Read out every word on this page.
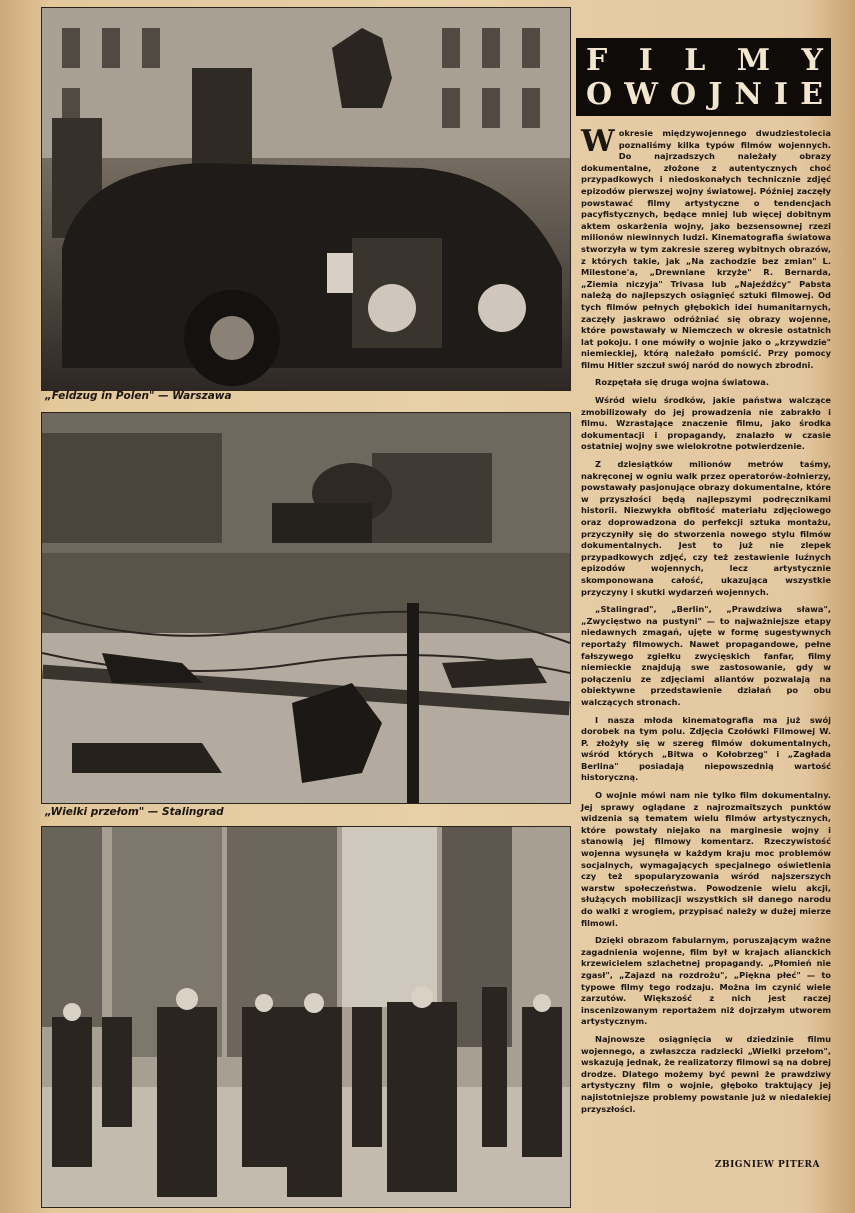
„Feldzug in Polen" — Warszawa
„Wielki przełom" — Stalingrad
F I L M Y
O W O J N I E

Wokresie międzywojennego dwudziestolecia poznaliśmy kilka typów filmów wojennych. Do najrzadszych należały obrazy dokumentalne, złożone z autentycznych choć przypadkowych i niedoskonałych technicznie zdjęć epizodów pierwszej wojny światowej. Później zaczęły powstawać filmy artystyczne o tendencjach pacyfistycznych, będące mniej lub więcej dobitnym aktem oskarżenia wojny, jako bezsensownej rzezi milionów niewinnych ludzi. Kinematografia światowa stworzyła w tym zakresie szereg wybitnych obrazów, z których takie, jak „Na zachodzie bez zmian" L. Milestone'a, „Drewniane krzyże" R. Bernarda, „Ziemia niczyja" Trivasa lub „Najeźdźcy" Pabsta należą do najlepszych osiągnięć sztuki filmowej. Od tych filmów pełnych głębokich idei humanitarnych, zaczęły jaskrawo odróżniać się obrazy wojenne, które powstawały w Niemczech w okresie ostatnich lat pokoju. I one mówiły o wojnie jako o „krzywdzie" niemieckiej, którą należało pomścić. Przy pomocy filmu Hitler szczuł swój naród do nowych zbrodni.

Rozpętała się druga wojna światowa.

Wśród wielu środków, jakie państwa walczące zmobilizowały do jej prowadzenia nie zabrakło i filmu. Wzrastające znaczenie filmu, jako środka dokumentacji i propagandy, znalazło w czasie ostatniej wojny swe wielokrotne potwierdzenie.

Z dziesiątków milionów metrów taśmy, nakręconej w ogniu walk przez operatorów-żołnierzy, powstawały pasjonujące obrazy dokumentalne, które w przyszłości będą najlepszymi podręcznikami historii. Niezwykła obfitość materiału zdjęciowego oraz doprowadzona do perfekcji sztuka montażu, przyczyniły się do stworzenia nowego stylu filmów dokumentalnych. Jest to już nie zlepek przypadkowych zdjęć, czy też zestawienie luźnych epizodów wojennych, lecz artystycznie skomponowana całość, ukazująca wszystkie przyczyny i skutki wydarzeń wojennych.

„Stalingrad", „Berlin", „Prawdziwa sława", „Zwycięstwo na pustyni" — to najważniejsze etapy niedawnych zmagań, ujęte w formę sugestywnych reportaży filmowych. Nawet propagandowe, pełne fałszywego zgiełku zwycięskich fanfar, filmy niemieckie znajdują swe zastosowanie, gdy w połączeniu ze zdjęciami aliantów pozwalają na obiektywne przedstawienie działań po obu walczących stronach.

I nasza młoda kinematografia ma już swój dorobek na tym polu. Zdjęcia Czołówki Filmowej W. P. złożyły się w szereg filmów dokumentalnych, wśród których „Bitwa o Kołobrzeg" i „Zagłada Berlina" posiadają niepowszednią wartość historyczną.

O wojnie mówi nam nie tylko film dokumentalny. Jej sprawy oglądane z najrozmaitszych punktów widzenia są tematem wielu filmów artystycznych, które powstały niejako na marginesie wojny i stanowią jej filmowy komentarz. Rzeczywistość wojenna wysunęła w każdym kraju moc problemów socjalnych, wymagających specjalnego oświetlenia czy też spopularyzowania wśród najszerszych warstw społeczeństwa. Powodzenie wielu akcji, służących mobilizacji wszystkich sił danego narodu do walki z wrogiem, przypisać należy w dużej mierze filmowi.

Dzięki obrazom fabularnym, poruszającym ważne zagadnienia wojenne, film był w krajach alianckich krzewicielem szlachetnej propagandy. „Płomień nie zgasł", „Zajazd na rozdrożu", „Piękna płeć" — to typowe filmy tego rodzaju. Można im czynić wiele zarzutów. Większość z nich jest raczej inscenizowanym reportażem niż dojrzałym utworem artystycznym.

Najnowsze osiągnięcia w dziedzinie filmu wojennego, a zwłaszcza radziecki „Wielki przełom", wskazują jednak, że realizatorzy filmowi są na dobrej drodze. Dlatego możemy być pewni że prawdziwy artystyczny film o wojnie, głęboko traktujący jej najistotniejsze problemy powstanie już w niedalekiej przyszłości.

ZBIGNIEW PITERA
